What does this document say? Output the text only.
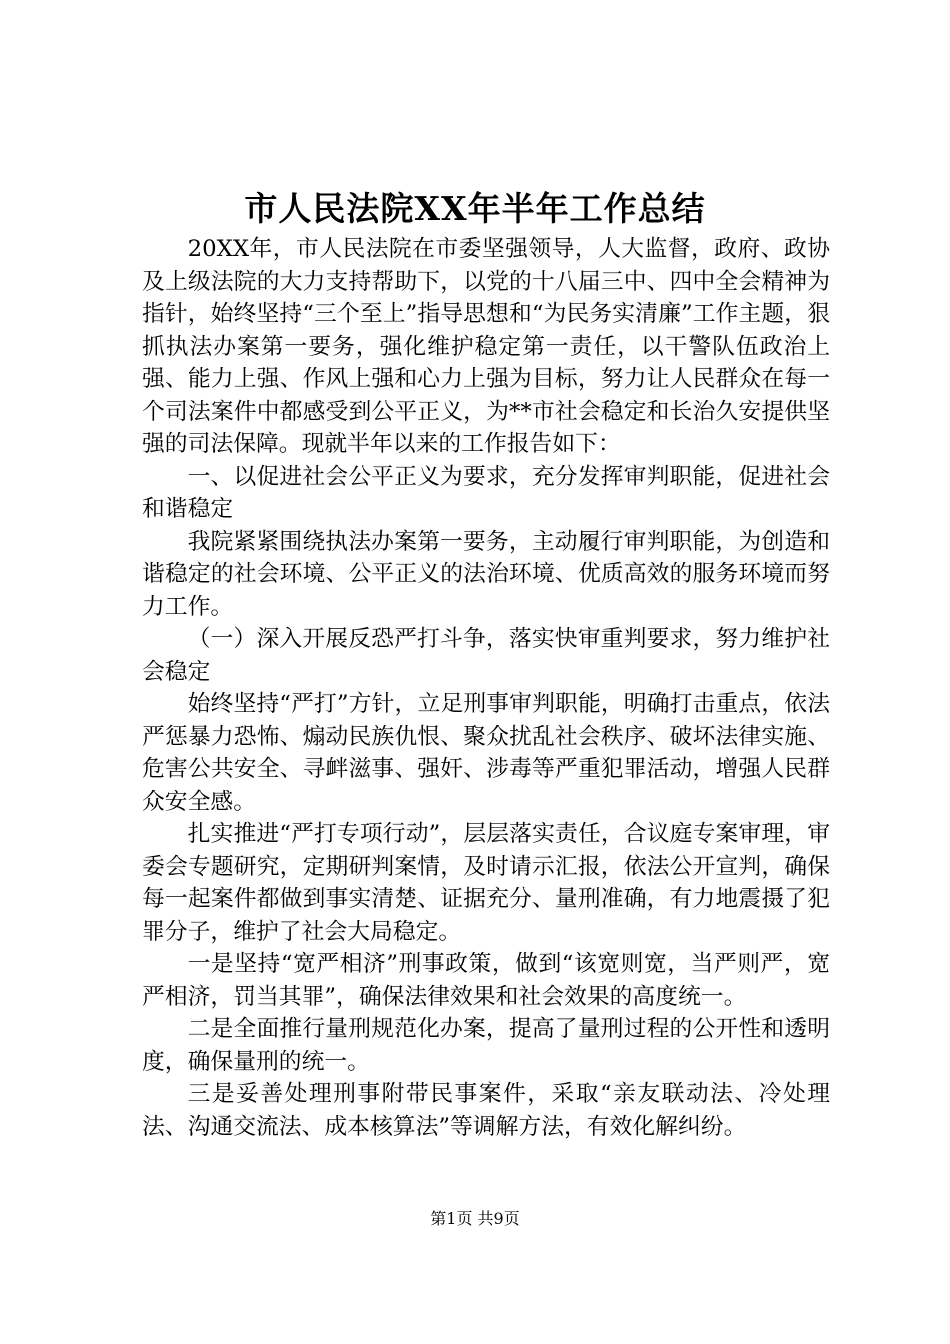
市人民法院XX年半年工作总结

20XX年，市人民法院在市委坚强领导，人大监督，政府、政协及上级法院的大力支持帮助下，以党的十八届三中、四中全会精神为指针，始终坚持“三个至上”指导思想和“为民务实清廉”工作主题，狠抓执法办案第一要务，强化维护稳定第一责任，以干警队伍政治上强、能力上强、作风上强和心力上强为目标，努力让人民群众在每一个司法案件中都感受到公平正义，为**市社会稳定和长治久安提供坚强的司法保障。现就半年以来的工作报告如下：

一、以促进社会公平正义为要求，充分发挥审判职能，促进社会和谐稳定

我院紧紧围绕执法办案第一要务，主动履行审判职能，为创造和谐稳定的社会环境、公平正义的法治环境、优质高效的服务环境而努力工作。

（一）深入开展反恐严打斗争，落实快审重判要求，努力维护社会稳定

始终坚持“严打”方针，立足刑事审判职能，明确打击重点，依法严惩暴力恐怖、煽动民族仇恨、聚众扰乱社会秩序、破坏法律实施、危害公共安全、寻衅滋事、强奸、涉毒等严重犯罪活动，增强人民群众安全感。

扎实推进“严打专项行动”，层层落实责任，合议庭专案审理，审委会专题研究，定期研判案情，及时请示汇报，依法公开宣判，确保每一起案件都做到事实清楚、证据充分、量刑准确，有力地震摄了犯罪分子，维护了社会大局稳定。

一是坚持“宽严相济”刑事政策，做到“该宽则宽，当严则严，宽严相济，罚当其罪”，确保法律效果和社会效果的高度统一。

二是全面推行量刑规范化办案，提高了量刑过程的公开性和透明度，确保量刑的统一。

三是妥善处理刑事附带民事案件，采取“亲友联动法、冷处理法、沟通交流法、成本核算法”等调解方法，有效化解纠纷。

第1页 共9页
